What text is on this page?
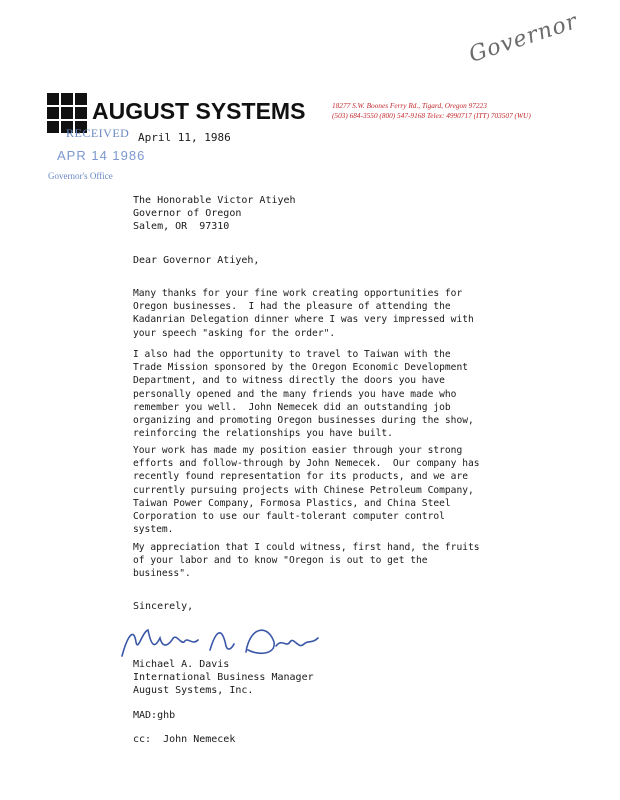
Governor
AUGUST SYSTEMS	18277 S.W. Boones Ferry Rd., Tigard, Oregon 97223
(503) 684-3550 (800) 547-9168 Telex: 4990717 (ITT) 703507 (WU)
RECEIVED
APR 14 1986
Governor's Office
April 11, 1986
The Honorable Victor Atiyeh
Governor of Oregon
Salem, OR  97310
Dear Governor Atiyeh,
Many thanks for your fine work creating opportunities for
Oregon businesses.  I had the pleasure of attending the
Kadanrian Delegation dinner where I was very impressed with
your speech "asking for the order".
I also had the opportunity to travel to Taiwan with the
Trade Mission sponsored by the Oregon Economic Development
Department, and to witness directly the doors you have
personally opened and the many friends you have made who
remember you well.  John Nemecek did an outstanding job
organizing and promoting Oregon businesses during the show,
reinforcing the relationships you have built.
Your work has made my position easier through your strong
efforts and follow-through by John Nemecek.  Our company has
recently found representation for its products, and we are
currently pursuing projects with Chinese Petroleum Company,
Taiwan Power Company, Formosa Plastics, and China Steel
Corporation to use our fault-tolerant computer control
system.
My appreciation that I could witness, first hand, the fruits
of your labor and to know "Oregon is out to get the
business".
Sincerely,
Michael A. Davis
International Business Manager
August Systems, Inc.
MAD:ghb
cc:  John Nemecek
